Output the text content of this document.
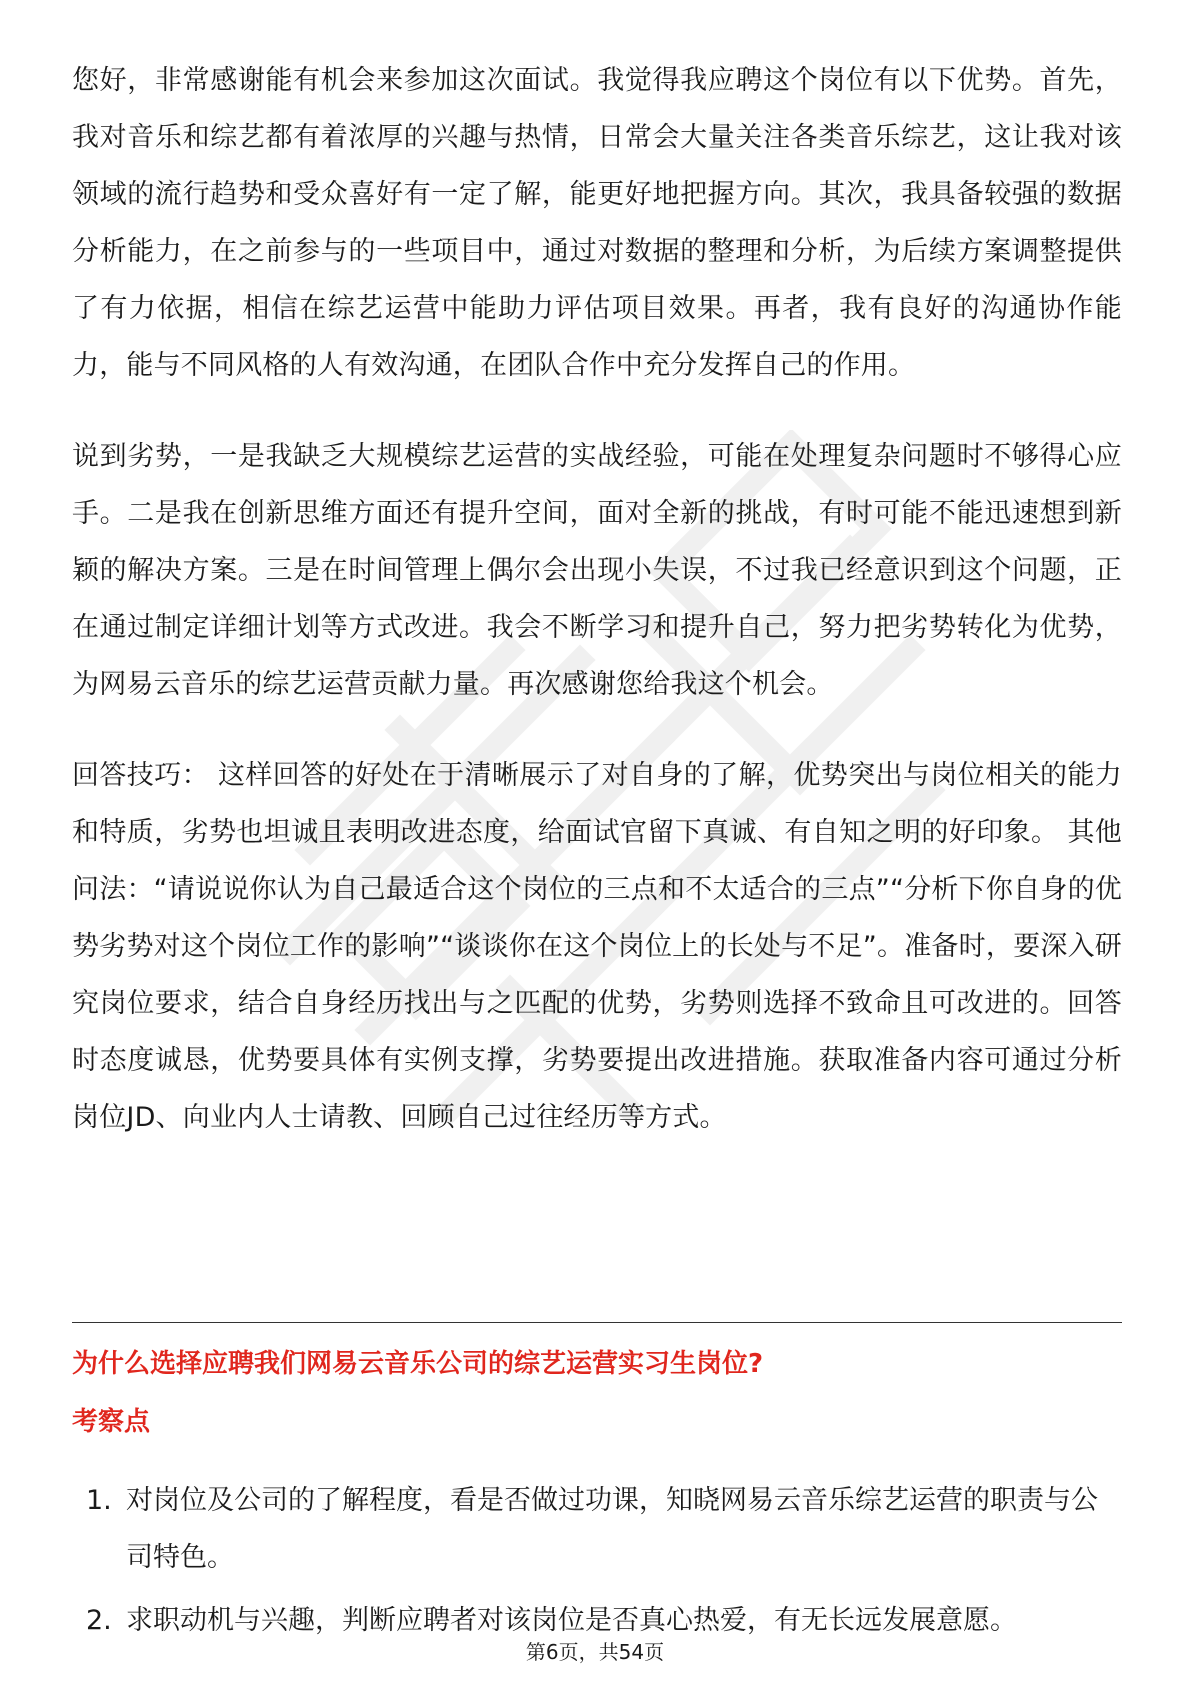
您好，非常感谢能有机会来参加这次面试。我觉得我应聘这个岗位有以下优势。首先，我对音乐和综艺都有着浓厚的兴趣与热情，日常会大量关注各类音乐综艺，这让我对该领域的流行趋势和受众喜好有一定了解，能更好地把握方向。其次，我具备较强的数据分析能力，在之前参与的一些项目中，通过对数据的整理和分析，为后续方案调整提供了有力依据，相信在综艺运营中能助力评估项目效果。再者，我有良好的沟通协作能力，能与不同风格的人有效沟通，在团队合作中充分发挥自己的作用。

说到劣势，一是我缺乏大规模综艺运营的实战经验，可能在处理复杂问题时不够得心应手。二是我在创新思维方面还有提升空间，面对全新的挑战，有时可能不能迅速想到新颖的解决方案。三是在时间管理上偶尔会出现小失误，不过我已经意识到这个问题，正在通过制定详细计划等方式改进。我会不断学习和提升自己，努力把劣势转化为优势，为网易云音乐的综艺运营贡献力量。再次感谢您给我这个机会。

回答技巧： 这样回答的好处在于清晰展示了对自身的了解，优势突出与岗位相关的能力和特质，劣势也坦诚且表明改进态度，给面试官留下真诚、有自知之明的好印象。 其他问法：“请说说你认为自己最适合这个岗位的三点和不太适合的三点”“分析下你自身的优势劣势对这个岗位工作的影响”“谈谈你在这个岗位上的长处与不足”。准备时，要深入研究岗位要求，结合自身经历找出与之匹配的优势，劣势则选择不致命且可改进的。回答时态度诚恳，优势要具体有实例支撑，劣势要提出改进措施。获取准备内容可通过分析岗位JD、向业内人士请教、回顾自己过往经历等方式。

为什么选择应聘我们网易云音乐公司的综艺运营实习生岗位?
考察点
1. 对岗位及公司的了解程度，看是否做过功课，知晓网易云音乐综艺运营的职责与公司特色。
2. 求职动机与兴趣，判断应聘者对该岗位是否真心热爱，有无长远发展意愿。

第6页，共54页
